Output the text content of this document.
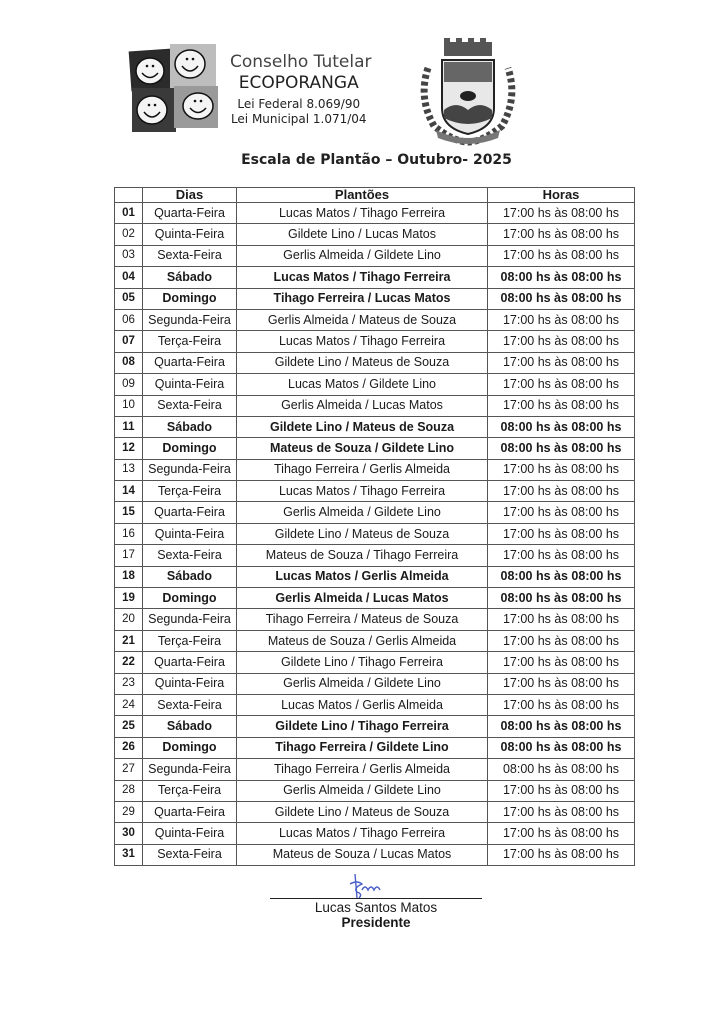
Conselho Tutelar
ECOPORANGA
Lei Federal 8.069/90
Lei Municipal 1.071/04
Escala de Plantão – Outubro- 2025
	Dias	Plantões	Horas
01	Quarta-Feira	Lucas Matos / Tihago Ferreira	17:00 hs às 08:00 hs
02	Quinta-Feira	Gildete Lino / Lucas Matos	17:00 hs às 08:00 hs
03	Sexta-Feira	Gerlis Almeida / Gildete Lino	17:00 hs às 08:00 hs
04	Sábado	Lucas Matos / Tihago Ferreira	08:00 hs às 08:00 hs
05	Domingo	Tihago Ferreira / Lucas Matos	08:00 hs às 08:00 hs
06	Segunda-Feira	Gerlis Almeida / Mateus de Souza	17:00 hs às 08:00 hs
07	Terça-Feira	Lucas Matos / Tihago Ferreira	17:00 hs às 08:00 hs
08	Quarta-Feira	Gildete Lino / Mateus de Souza	17:00 hs às 08:00 hs
09	Quinta-Feira	Lucas Matos / Gildete Lino	17:00 hs às 08:00 hs
10	Sexta-Feira	Gerlis Almeida / Lucas Matos	17:00 hs às 08:00 hs
11	Sábado	Gildete Lino / Mateus de Souza	08:00 hs às 08:00 hs
12	Domingo	Mateus de Souza / Gildete Lino	08:00 hs às 08:00 hs
13	Segunda-Feira	Tihago Ferreira / Gerlis Almeida	17:00 hs às 08:00 hs
14	Terça-Feira	Lucas Matos / Tihago Ferreira	17:00 hs às 08:00 hs
15	Quarta-Feira	Gerlis Almeida / Gildete Lino	17:00 hs às 08:00 hs
16	Quinta-Feira	Gildete Lino / Mateus de Souza	17:00 hs às 08:00 hs
17	Sexta-Feira	Mateus de Souza / Tihago Ferreira	17:00 hs às 08:00 hs
18	Sábado	Lucas Matos / Gerlis Almeida	08:00 hs às 08:00 hs
19	Domingo	Gerlis Almeida / Lucas Matos	08:00 hs às 08:00 hs
20	Segunda-Feira	Tihago Ferreira / Mateus de Souza	17:00 hs às 08:00 hs
21	Terça-Feira	Mateus de Souza / Gerlis Almeida	17:00 hs às 08:00 hs
22	Quarta-Feira	Gildete Lino / Tihago Ferreira	17:00 hs às 08:00 hs
23	Quinta-Feira	Gerlis Almeida / Gildete Lino	17:00 hs às 08:00 hs
24	Sexta-Feira	Lucas Matos / Gerlis Almeida	17:00 hs às 08:00 hs
25	Sábado	Gildete Lino / Tihago Ferreira	08:00 hs às 08:00 hs
26	Domingo	Tihago Ferreira / Gildete Lino	08:00 hs às 08:00 hs
27	Segunda-Feira	Tihago Ferreira / Gerlis Almeida	08:00 hs às 08:00 hs
28	Terça-Feira	Gerlis Almeida / Gildete Lino	17:00 hs às 08:00 hs
29	Quarta-Feira	Gildete Lino / Mateus de Souza	17:00 hs às 08:00 hs
30	Quinta-Feira	Lucas Matos / Tihago Ferreira	17:00 hs às 08:00 hs
31	Sexta-Feira	Mateus de Souza / Lucas Matos	17:00 hs às 08:00 hs
Lucas Santos Matos
Presidente
